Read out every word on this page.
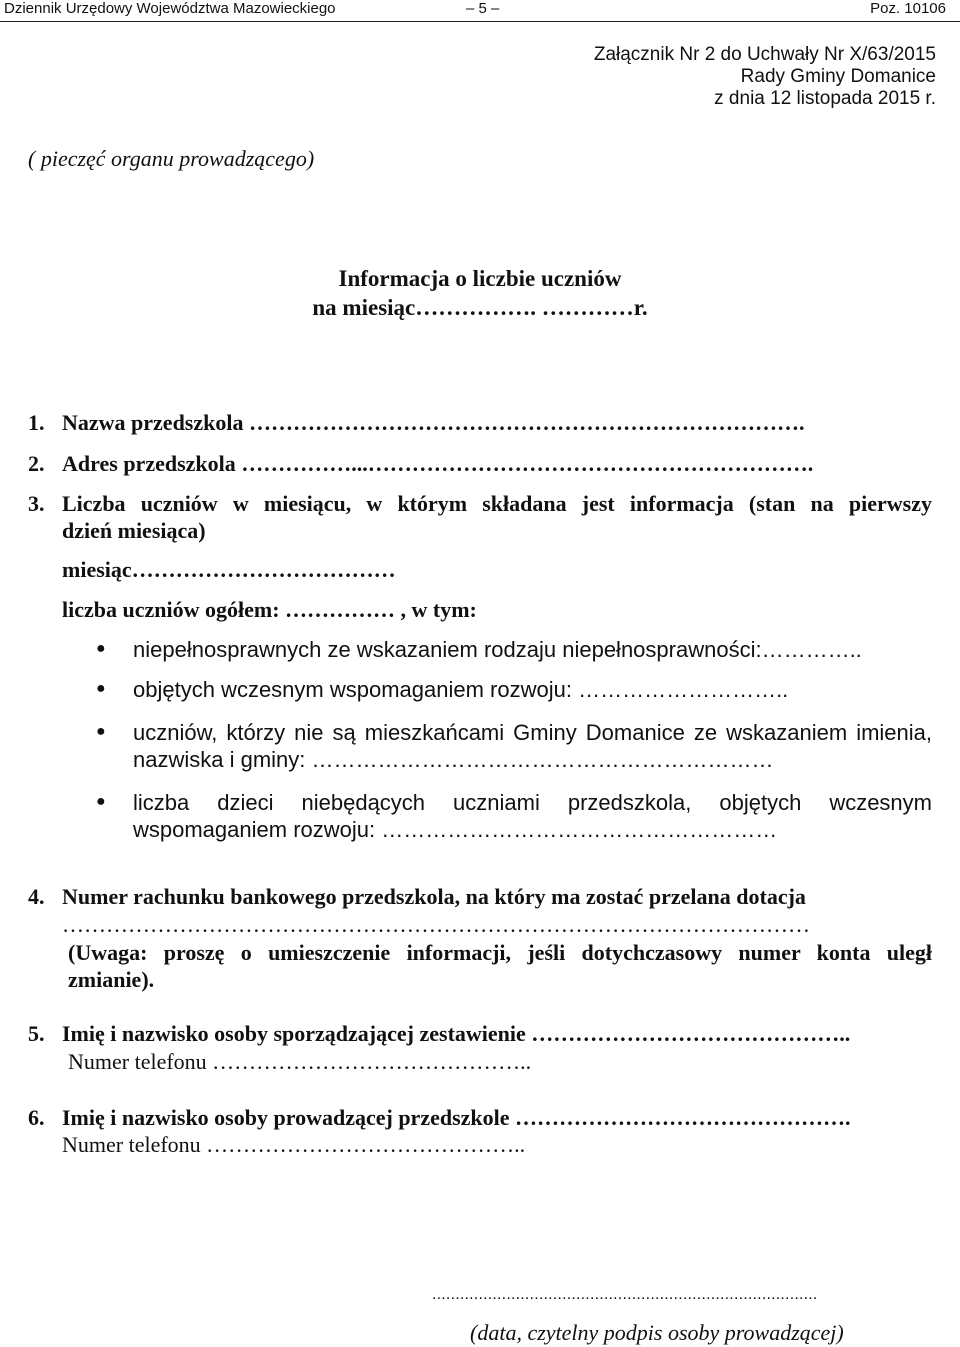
Dziennik Urzędowy Województwa Mazowieckiego	– 5 –	Poz. 10106
Załącznik Nr 2 do Uchwały Nr X/63/2015
Rady Gminy Domanice
z dnia 12 listopada 2015 r.
( pieczęć organu prowadzącego)
Informacja o liczbie uczniów
na miesiąc……………. …………r.
1. Nazwa przedszkola ………………………………………………………………….
2. Adres przedszkola ……………...…………………………………………………….
3. Liczba uczniów w miesiącu, w którym składana jest informacja (stan na pierwszy
dzień miesiąca)
miesiąc………………………………
liczba uczniów ogółem: …………… , w tym:
● niepełnosprawnych ze wskazaniem rodzaju niepełnosprawności:…………..
● objętych wczesnym wspomaganiem rozwoju: ………………………..
● uczniów, którzy nie są mieszkańcami Gminy Domanice ze wskazaniem imienia,
nazwiska i gminy: ………………………………………………………
● liczba dzieci niebędących uczniami przedszkola, objętych wczesnym
wspomaganiem rozwoju: ………………………………………………
4. Numer rachunku bankowego przedszkola, na który ma zostać przelana dotacja
…………………………………………………………………………………………
(Uwaga: proszę o umieszczenie informacji, jeśli dotychczasowy numer konta uległ
zmianie).
5. Imię i nazwisko osoby sporządzającej zestawienie ……………………………………..
Numer telefonu ……………………………………..
6. Imię i nazwisko osoby prowadzącej przedszkole ……………………………………….
Numer telefonu ……………………………………..
...................................................................................
(data, czytelny podpis osoby prowadzącej)
